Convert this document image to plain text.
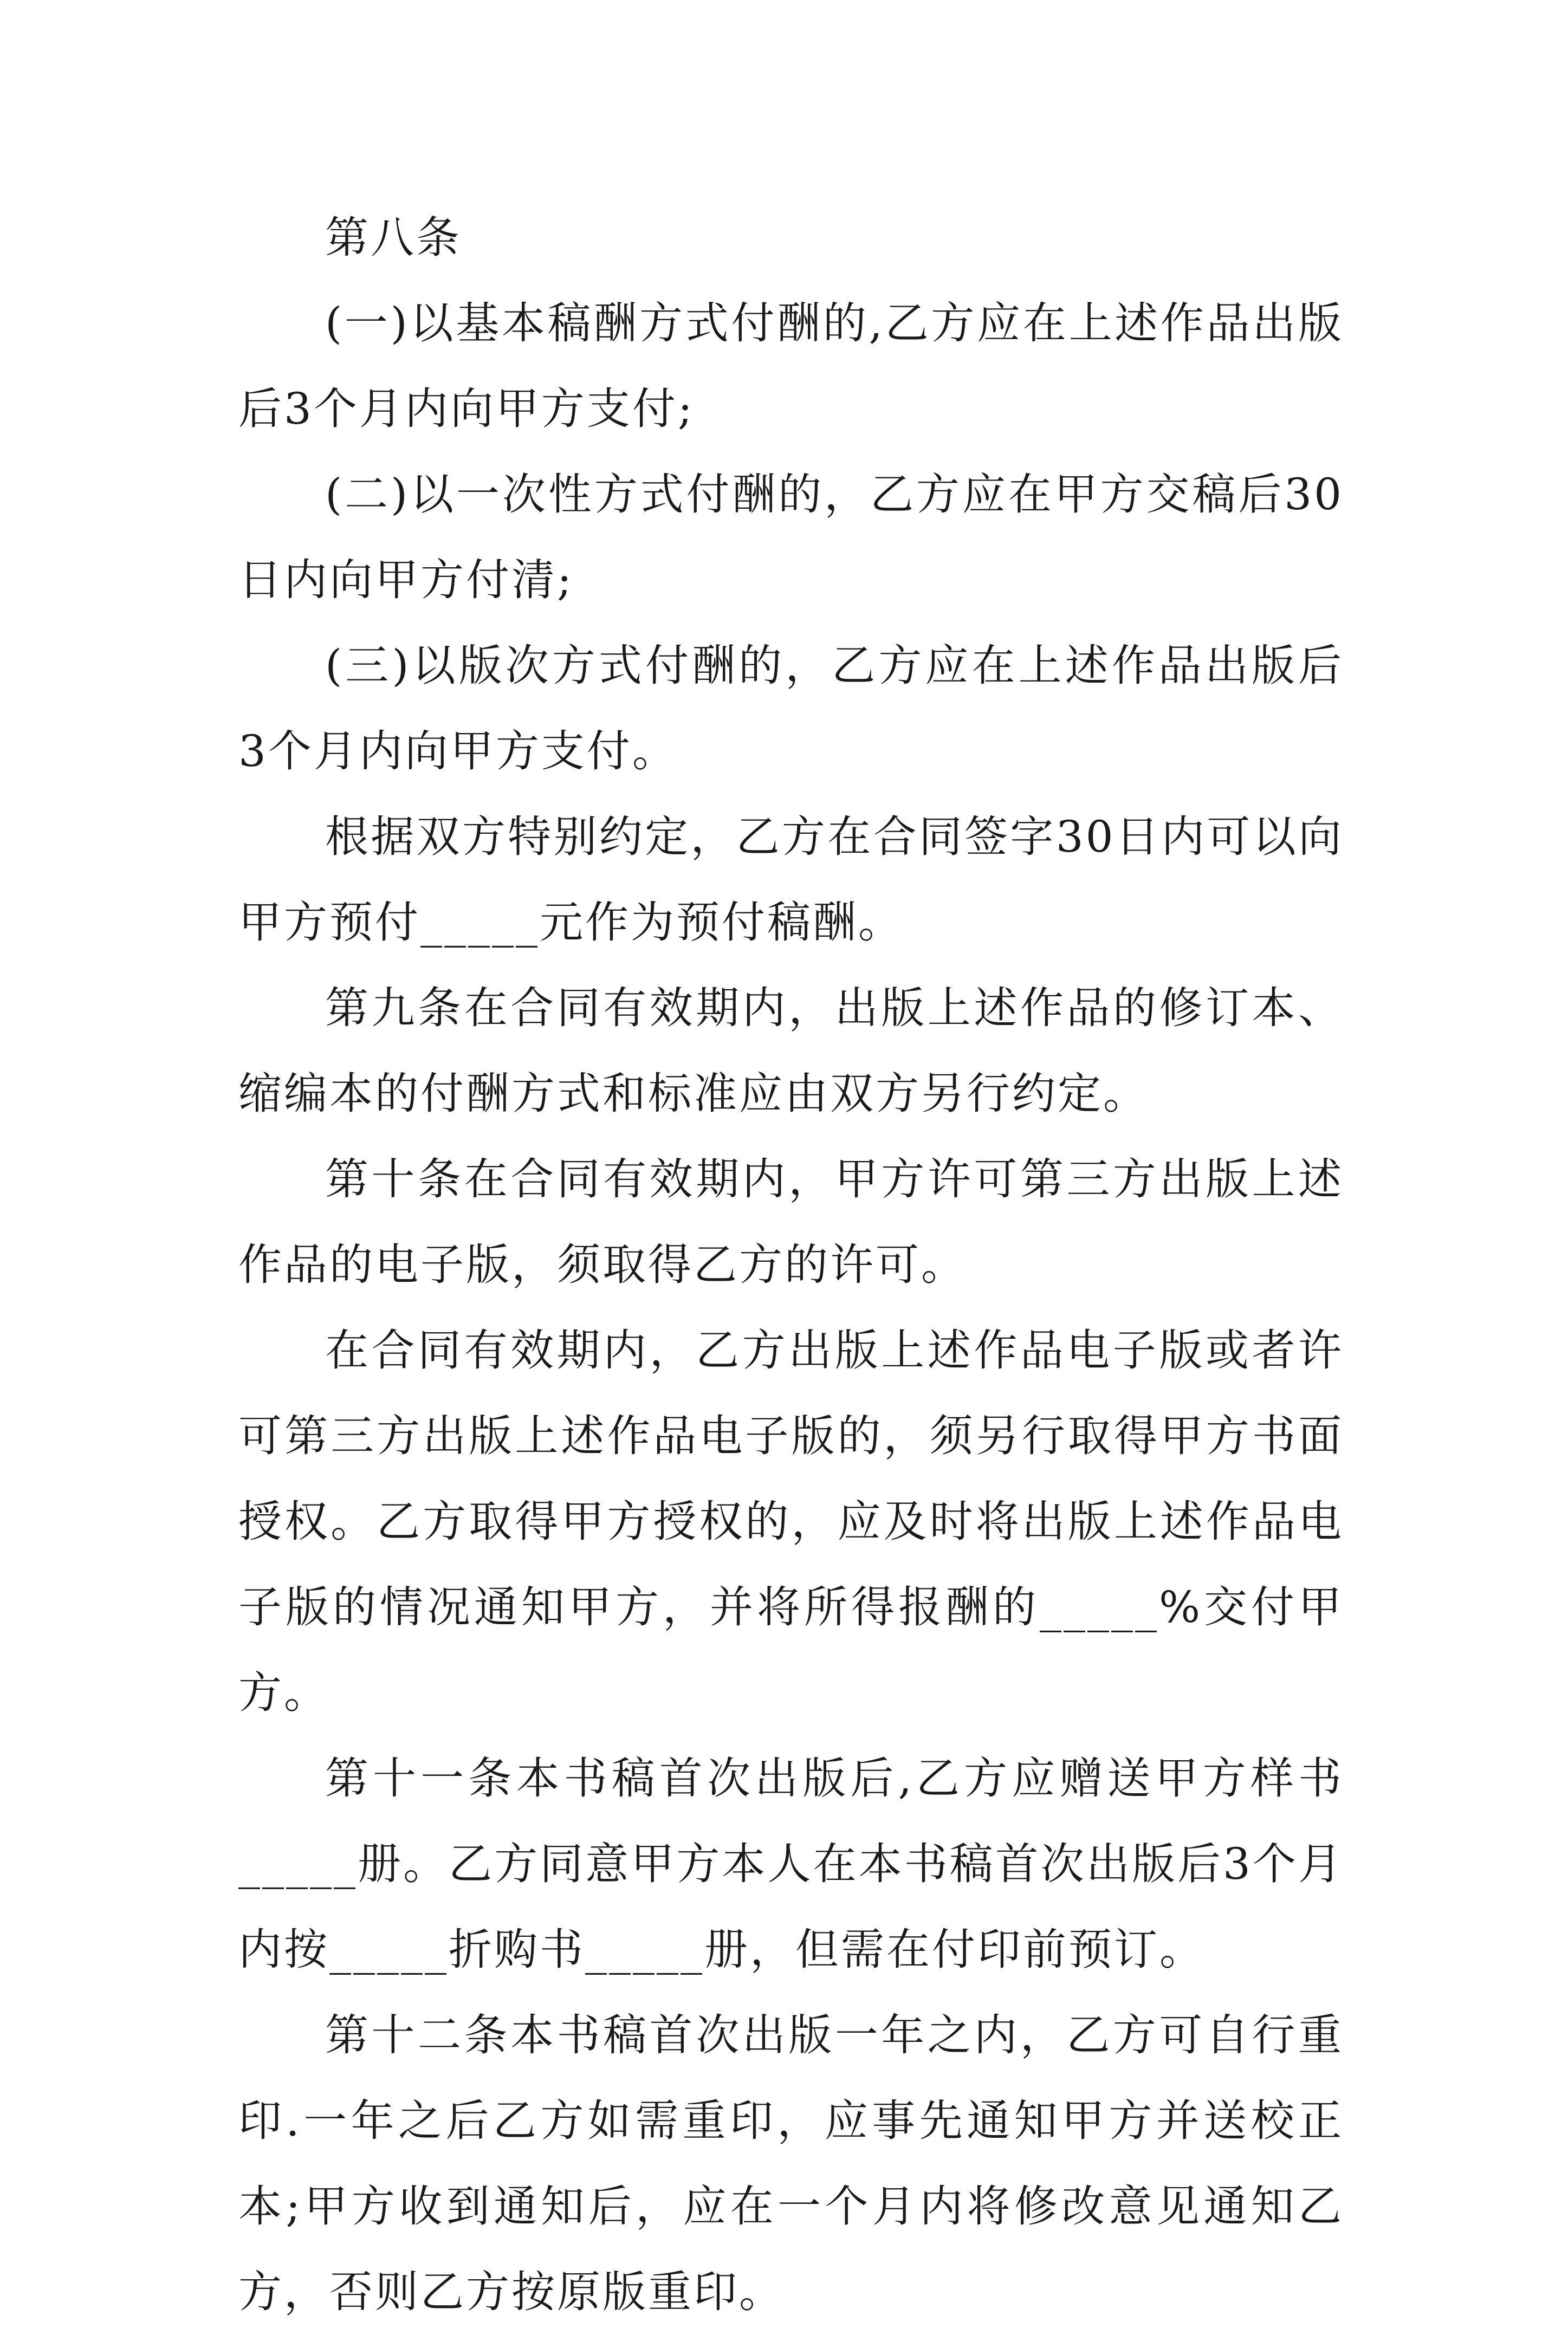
第八条

(一)以基本稿酬方式付酬的,乙方应在上述作品出版后3个月内向甲方支付;

(二)以一次性方式付酬的，乙方应在甲方交稿后30日内向甲方付清;

(三)以版次方式付酬的，乙方应在上述作品出版后3个月内向甲方支付。

根据双方特别约定，乙方在合同签字30日内可以向甲方预付_____元作为预付稿酬。

第九条在合同有效期内，出版上述作品的修订本、缩编本的付酬方式和标准应由双方另行约定。

第十条在合同有效期内，甲方许可第三方出版上述作品的电子版，须取得乙方的许可。

在合同有效期内，乙方出版上述作品电子版或者许可第三方出版上述作品电子版的，须另行取得甲方书面授权。乙方取得甲方授权的，应及时将出版上述作品电子版的情况通知甲方，并将所得报酬的_____%交付甲方。

第十一条本书稿首次出版后,乙方应赠送甲方样书_____册。乙方同意甲方本人在本书稿首次出版后3个月内按_____折购书_____册，但需在付印前预订。

第十二条本书稿首次出版一年之内，乙方可自行重印.一年之后乙方如需重印，应事先通知甲方并送校正本;甲方收到通知后，应在一个月内将修改意见通知乙方，否则乙方按原版重印。
